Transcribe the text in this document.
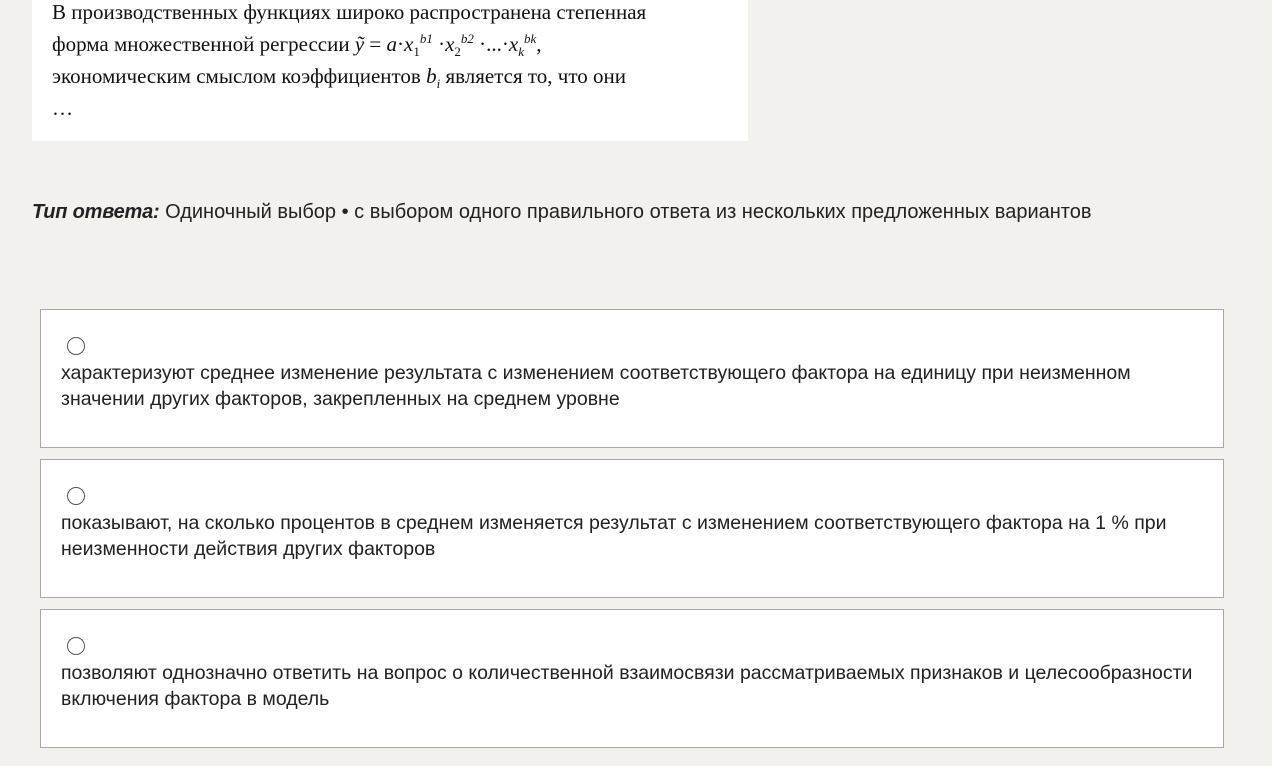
В производственных функциях широко распространена степенная
форма множественной регрессии ỹ = $a\cdot x_1^{b1} \cdot x_2^{b2} \cdot...\cdot x_k^{bk}$,
экономическим смыслом коэффициентов $b_i$ является то, что они
…
Тип ответа: Одиночный выбор • с выбором одного правильного ответа из нескольких предложенных вариантов
характеризуют среднее изменение результата с изменением соответствующего фактора на единицу при неизменном значении других факторов, закрепленных на среднем уровне
показывают, на сколько процентов в среднем изменяется результат с изменением соответствующего фактора на 1 % при неизменности действия других факторов
позволяют однозначно ответить на вопрос о количественной взаимосвязи рассматриваемых признаков и целесообразности включения фактора в модель
